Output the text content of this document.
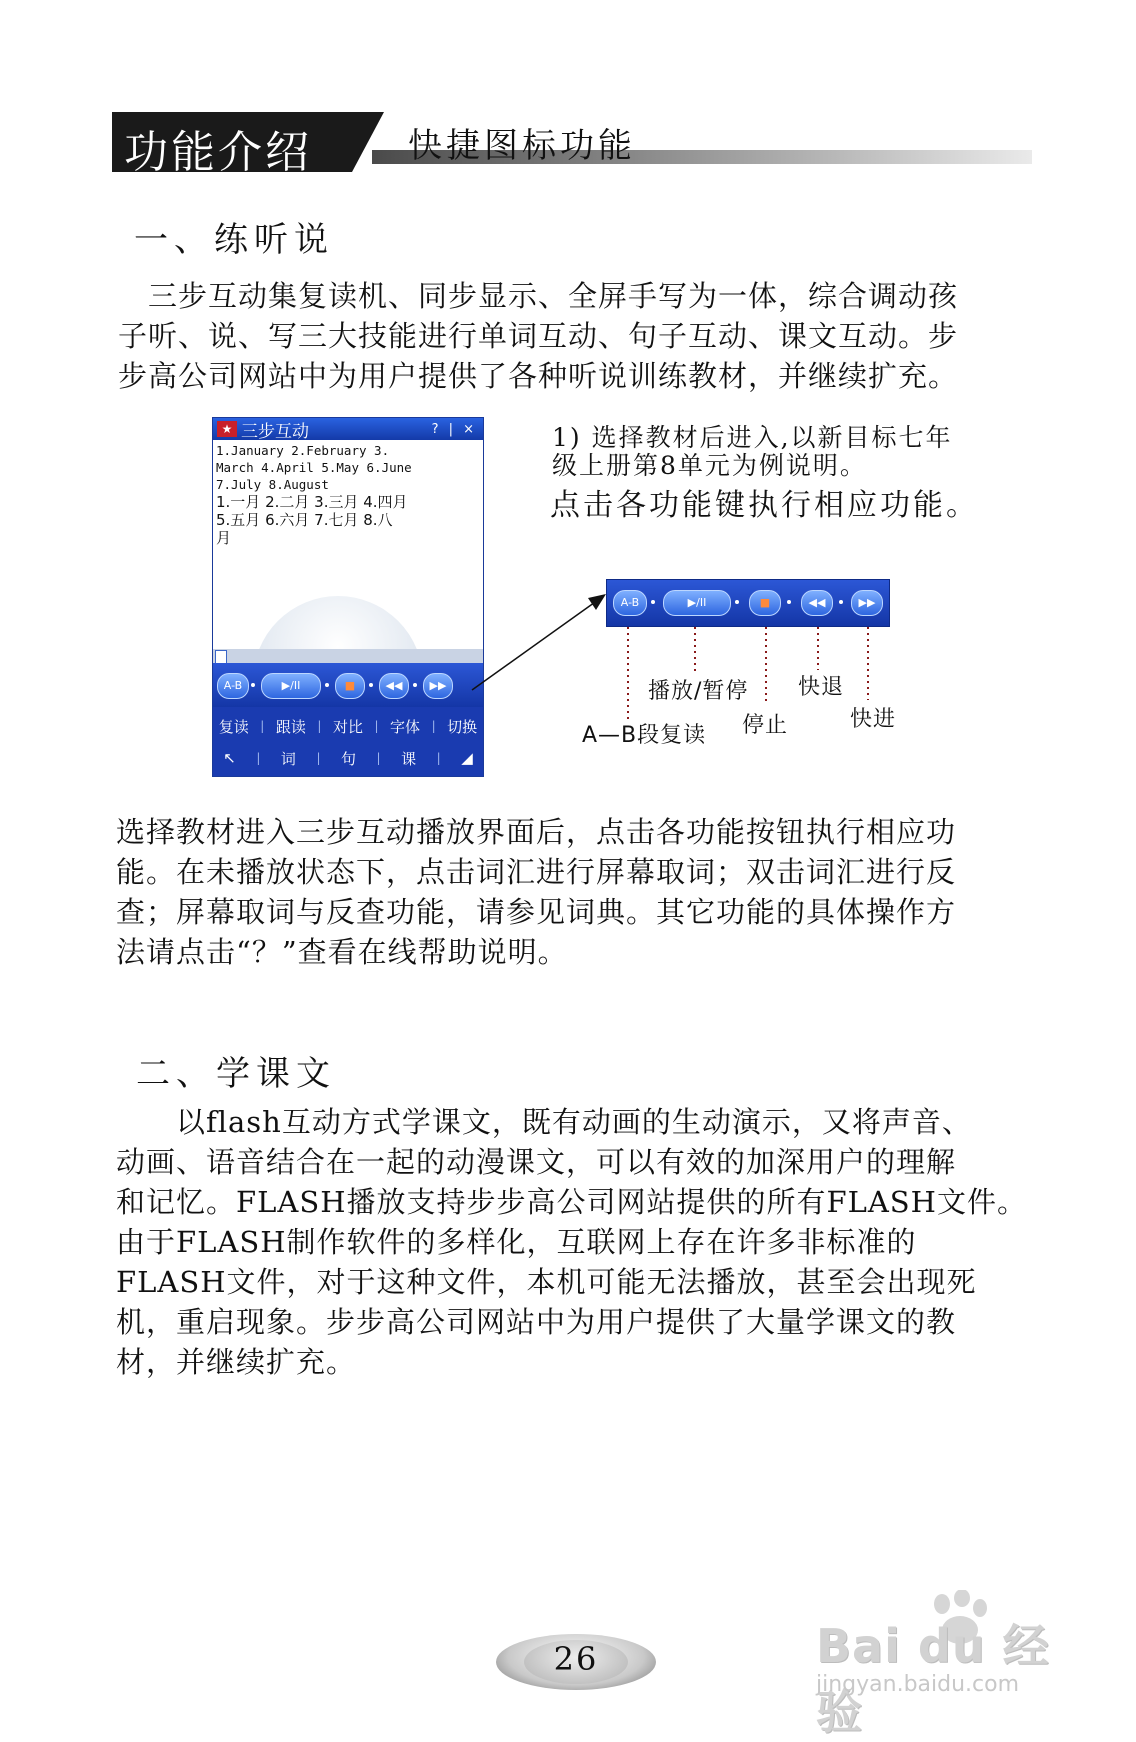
功能介绍	快捷图标功能
一、练听说

　三步互动集复读机、同步显示、全屏手写为一体，综合调动孩

子听、说、写三大技能进行单词互动、句子互动、课文互动。步

步高公司网站中为用户提供了各种听说训练教材，并继续扩充。

★ 三步互动	? | ×

1.January 2.February 3.

March 4.April 5.May 6.June

7.July 8.August

1.一月 2.二月 3.三月 4.四月

5.五月 6.六月 7.七月 8.八

月

A-B	▶/II	■	◀◀	▶▶
复读 | 跟读 | 对比 | 字体 | 切换
↖ | 词 | 句 | 课 | ◢

1) 选择教材后进入,以新目标七年

级上册第8单元为例说明。

点击各功能键执行相应功能。
A-B	▶/II	■	◀◀	▶▶
播放/暂停 快退
快进
停止
A—B段复读

选择教材进入三步互动播放界面后，点击各功能按钮执行相应功

能。在未播放状态下，点击词汇进行屏幕取词；双击词汇进行反

查；屏幕取词与反查功能，请参见词典。其它功能的具体操作方

法请点击“？”查看在线帮助说明。

二、学课文

　　以flash互动方式学课文，既有动画的生动演示，又将声音、

动画、语音结合在一起的动漫课文，可以有效的加深用户的理解

和记忆。FLASH播放支持步步高公司网站提供的所有FLASH文件。

由于FLASH制作软件的多样化，互联网上存在许多非标准的

FLASH文件，对于这种文件，本机可能无法播放，甚至会出现死

机，重启现象。步步高公司网站中为用户提供了大量学课文的教

材，并继续扩充。

26	Bai du 经验
jingyan.baidu.com
